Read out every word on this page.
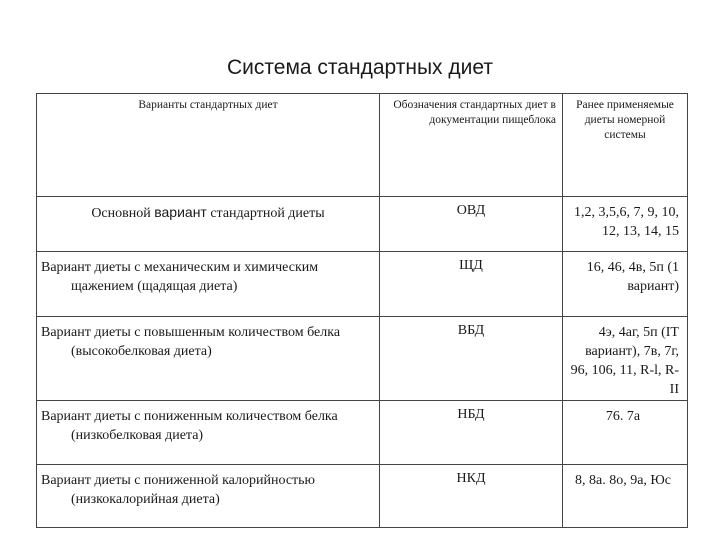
Система стандартных диет
Варианты стандартных диет	Обозначения стандартных диет в документации пищеблока	Ранее применяемые диеты номерной системы
Основной вариант стандартной диеты	ОВД	1,2, 3,5,6, 7, 9, 10, 12, 13, 14, 15
Вариант диеты с механическим и химическим щажением (щадящая диета)	ЩД	16, 46, 4в, 5п (1 вариант)
Вариант диеты с повышенным количеством белка (высокобелковая диета)	ВБД	4э, 4аг, 5п (IT вариант), 7в, 7г, 96, 106, 11, R-l, R-II
Вариант диеты с пониженным количеством белка (низкобелковая диета)	НБД	76. 7а
Вариант диеты с пониженной калорийностью (низкокалорийная диета)	НКД	8, 8а. 8о, 9а, Юс
